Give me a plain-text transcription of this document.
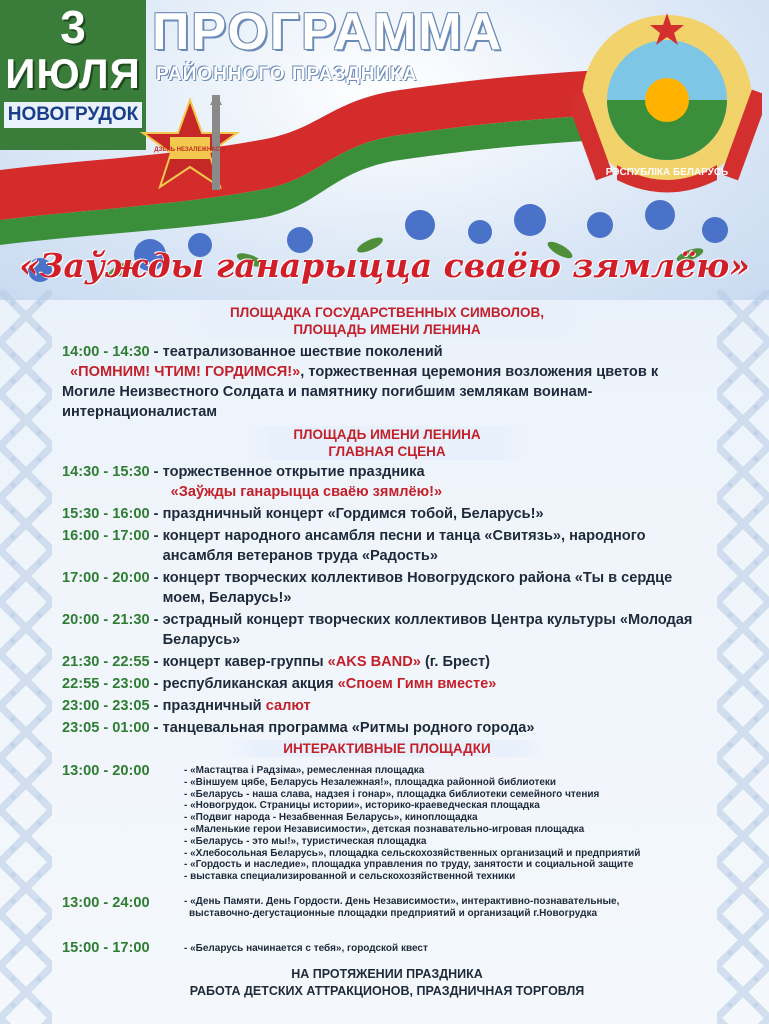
3
ИЮЛЯ
НОВОГРУДОК
ПРОГРАММА
РАЙОННОГО ПРАЗДНИКА
ДЗЕНЬ НЕЗАЛЕЖНАСЦІ
РЭСПУБЛІКА БЕЛАРУСЬ
«Заўжды ганарыцца сваёю зямлёю»
ПЛОЩАДКА ГОСУДАРСТВЕННЫХ СИМВОЛОВ,
ПЛОЩАДЬ ИМЕНИ ЛЕНИНА
14:00 - 14:30 - театрализованное шествие поколений
«ПОМНИМ! ЧТИМ! ГОРДИМСЯ!», торжественная церемония возложения цветов к Могиле Неизвестного Солдата и памятнику погибшим землякам воинам-интернационалистам
ПЛОЩАДЬ ИМЕНИ ЛЕНИНА
ГЛАВНАЯ СЦЕНА
14:30 - 15:30 - торжественное открытие праздника
«Заўжды ганарыцца сваёю зямлёю!»
15:30 - 16:00 - праздничный концерт «Гордимся тобой, Беларусь!»
16:00 - 17:00 - концерт народного ансамбля песни и танца «Свитязь», народного ансамбля ветеранов труда «Радость»
17:00 - 20:00 - концерт творческих коллективов Новогрудского района «Ты в сердце моем, Беларусь!»
20:00 - 21:30 - эстрадный концерт творческих коллективов Центра культуры «Молодая Беларусь»
21:30 - 22:55 - концерт кавер-группы «AKS BAND» (г. Брест)
22:55 - 23:00 - республиканская акция «Споем Гимн вместе»
23:00 - 23:05 - праздничный салют
23:05 - 01:00 - танцевальная программа «Ритмы родного города»
ИНТЕРАКТИВНЫЕ ПЛОЩАДКИ
13:00 - 20:00	- «Мастацтва і Радзіма», ремесленная площадка
- «Віншуем цябе, Беларусь Незалежная!», площадка районной библиотеки
- «Беларусь - наша слава, надзея і гонар», площадка библиотеки семейного чтения
- «Новогрудок. Страницы истории», историко-краеведческая площадка
- «Подвиг народа - Незабвенная Беларусь», киноплощадка
- «Маленькие герои Независимости», детская познавательно-игровая площадка
- «Беларусь - это мы!», туристическая площадка
- «Хлебосольная Беларусь», площадка сельскохозяйственных организаций и предприятий
- «Гордость и наследие», площадка управления по труду, занятости и социальной защите
- выставка специализированной и сельскохозяйственной техники
13:00 - 24:00	- «День Памяти. День Гордости. День Независимости», интерактивно-познавательные,
выставочно-дегустационные площадки предприятий и организаций г.Новогрудка
15:00 - 17:00	- «Беларусь начинается с тебя», городской квест
НА ПРОТЯЖЕНИИ ПРАЗДНИКА
РАБОТА ДЕТСКИХ АТТРАКЦИОНОВ, ПРАЗДНИЧНАЯ ТОРГОВЛЯ
